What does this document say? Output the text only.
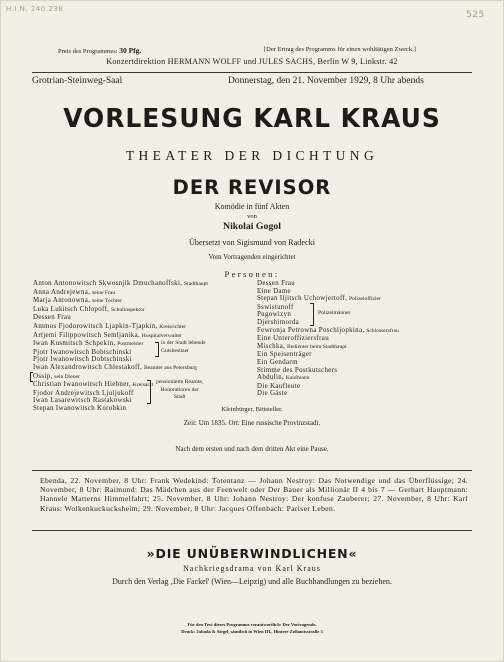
H.I.N. 240.238
525
Preis des Programmes: 30 Pfg.	[Der Ertrag des Programms für einen wohltätigen Zweck.]
Konzertdirektion HERMANN WOLFF und JULES SACHS, Berlin W 9, Linkstr. 42
Grotrian-Steinweg-Saal	Donnerstag, den 21. November 1929, 8 Uhr abends
VORLESUNG KARL KRAUS
THEATER DER DICHTUNG
DER REVISOR
Komödie in fünf Akten
von
Nikolai Gogol
Übersetzt von Sigismund von Radecki
Vom Vortragenden eingerichtet
Personen:
Anton Antonowitsch Skwosnjik Dmuchanoffski, Stadthaupt
Anna Andrejewna, seine Frau
Marja Antonowna, seine Tochter
Luka Lukitsch Chlopoff, Schulinspektor
Dessen Frau
Ammos Fjodorowitsch Ljapkin-Tjapkin, Kreisrichter
Artjemi Filippowitsch Semljanika, Hospitalverwalter
Iwan Kusmitsch Schpekin, Postmeister
Pjotr Iwanowitsch Bobtschinski
Pjotr Iwanowitsch Dobtschinski
Iwan Alexandrowitsch Chlestakoff, Beamter aus Petersburg
Ossip, sein Diener
Christian Iwanowitsch Hiebner, Kreisarzt
Fjodor Andrejewitsch Ljuljukoff
Iwan Lasarewitsch Rastakowski
Stepan Iwanowitsch Korobkin
in der Stadt lebende
Gutsbesitzer
pensionierte Beamte,
Honoratioren der
Stadt
Dessen Frau
Eine Dame
Stepan Iljitsch Uchowjertoff, Polizeioffizier
Sswistunoff
Pugowizyn
Djershimorda
Fewronja Petrowna Poschljopkina, Schlossersfrau
Eine Unteroffiziersfrau
Mischka, Bedienter beim Stadthaupt
Ein Speisenträger
Ein Gendarm
Stimme des Postkutschers
Abdulin, Kaufmann
Die Kaufleute
Die Gäste
Polizeimänner
Kleinbürger, Bittsteller.
Zeit: Um 1835. Ort: Eine russische Provinzstadt.
Nach dem ersten und nach dem dritten Akt eine Pause.
Ebenda, 22. November, 8 Uhr: Frank Wedekind: Totentanz — Johann Nestroy: Das Notwendige und das Überflüssige; 24. November, 8 Uhr: Raimund: Das Mädchen aus der Feenwelt oder Der Bauer als Millionär II 4 bis 7 — Gerhart Hauptmann: Hannele Matterns Himmelfahrt; 25. November, 8 Uhr: Johann Nestroy: Der konfuse Zauberer; 27. November, 8 Uhr: Karl Kraus: Wolkenkuckucksheim; 29. November, 8 Uhr: Jacques Offenbach: Pariser Leben.
»DIE UNÜBERWINDLICHEN«
Nachkriegsdrama von Karl Kraus
Durch den Verlag ‚Die Fackel' (Wien—Leipzig) und alle Buchhandlungen zu beziehen.
Für den Text dieses Programms verantwortlich: Der Vortragende.
Druck: Jahoda & Siegel, sämtlich in Wien III., Hintere Zollamtsstraße 3
